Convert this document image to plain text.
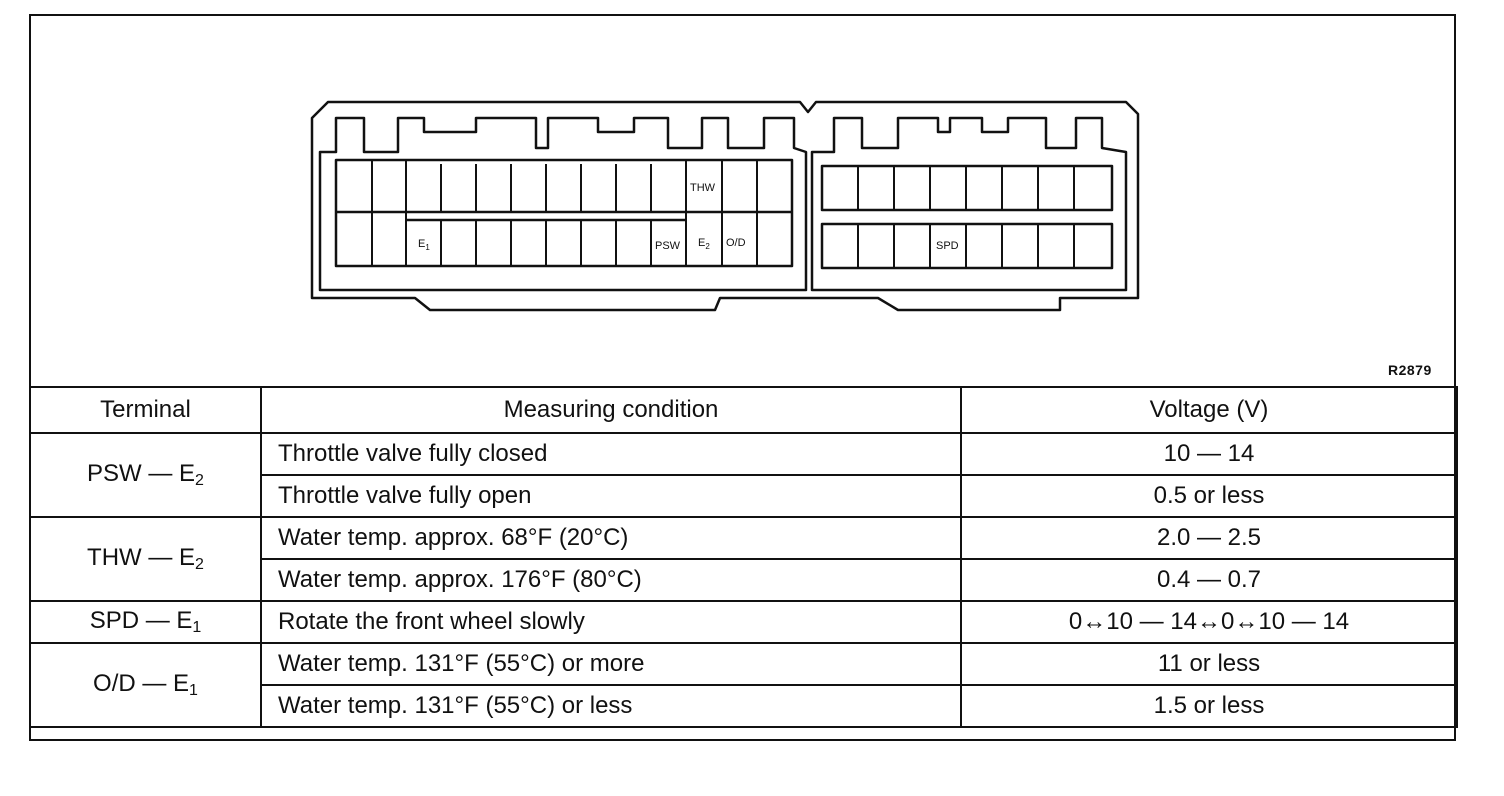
THW
$E_1$	PSW $E_2$ O/D	SPD
R2879
Terminal	Measuring condition	Voltage (V)
PSW — $E_2$	Throttle valve fully closed	10 — 14
	Throttle valve fully open	0.5 or less
THW — $E_2$	Water temp. approx. 68°F (20°C)	2.0 — 2.5
	Water temp. approx. 176°F (80°C)	0.4 — 0.7
SPD — $E_1$	Rotate the front wheel slowly	0↔10 — 14↔0↔10 — 14
O/D — $E_1$	Water temp. 131°F (55°C) or more	11 or less
	Water temp. 131°F (55°C) or less	1.5 or less
